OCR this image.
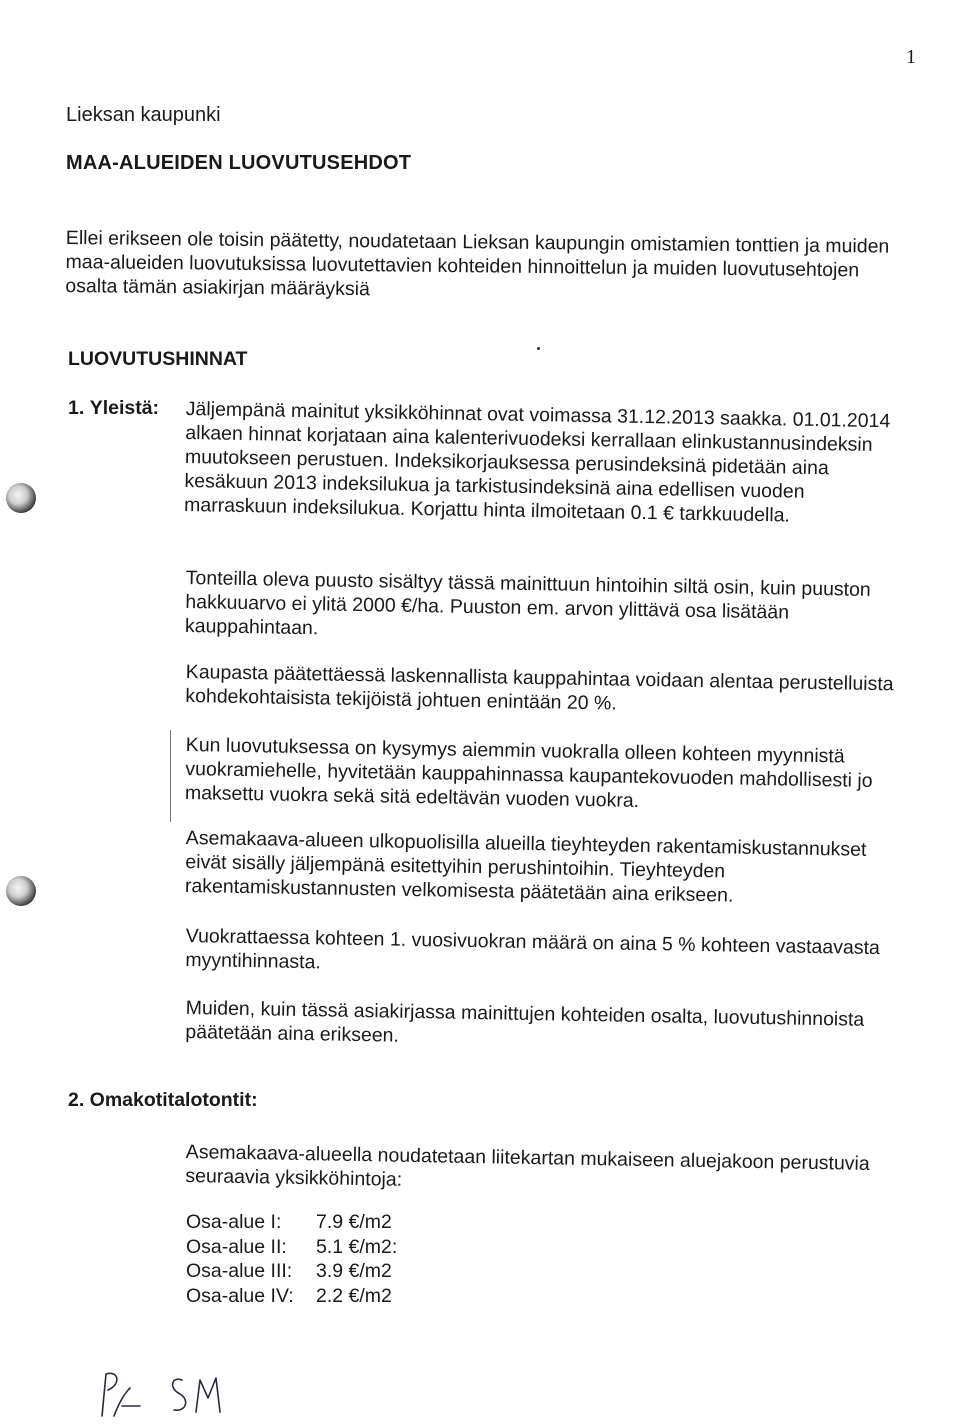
1
Lieksan kaupunki
MAA-ALUEIDEN LUOVUTUSEHDOT
Ellei erikseen ole toisin päätetty, noudatetaan Lieksan kaupungin omistamien tonttien ja muiden maa-alueiden luovutuksissa luovutettavien kohteiden hinnoittelun ja muiden luovutusehtojen osalta tämän asiakirjan määräyksiä
LUOVUTUSHINNAT
1. Yleistä: Jäljempänä mainitut yksikköhinnat ovat voimassa 31.12.2013 saakka. 01.01.2014 alkaen hinnat korjataan aina kalenterivuodeksi kerrallaan elinkustannusindeksin muutokseen perustuen. Indeksikorjauksessa perusindeksinä pidetään aina kesäkuun 2013 indeksilukua ja tarkistusindeksinä aina edellisen vuoden marraskuun indeksilukua. Korjattu hinta ilmoitetaan 0.1 € tarkkuudella.
Tonteilla oleva puusto sisältyy tässä mainittuun hintoihin siltä osin, kuin puuston hakkuuarvo ei ylitä 2000 €/ha. Puuston em. arvon ylittävä osa lisätään kauppahintaan.
Kaupasta päätettäessä laskennallista kauppahintaa voidaan alentaa perustelluista kohdekohtaisista tekijöistä johtuen enintään 20 %.
Kun luovutuksessa on kysymys aiemmin vuokralla olleen kohteen myynnistä vuokramiehelle, hyvitetään kauppahinnassa kaupantekovuoden mahdollisesti jo maksettu vuokra sekä sitä edeltävän vuoden vuokra.
Asemakaava-alueen ulkopuolisilla alueilla tieyhteyden rakentamiskustannukset eivät sisälly jäljempänä esitettyihin perushintoihin. Tieyhteyden rakentamiskustannusten velkomisesta päätetään aina erikseen.
Vuokrattaessa kohteen 1. vuosivuokran määrä on aina 5 % kohteen vastaavasta myyntihinnasta.
Muiden, kuin tässä asiakirjassa mainittujen kohteiden osalta, luovutushinnoista päätetään aina erikseen.
2. Omakotitalotontit:
Asemakaava-alueella noudatetaan liitekartan mukaiseen aluejakoon perustuvia seuraavia yksikköhintoja:
Osa-alue I:	7.9 €/m2
Osa-alue II:	5.1 €/m2:
Osa-alue III:	3.9 €/m2
Osa-alue IV:	2.2 €/m2
